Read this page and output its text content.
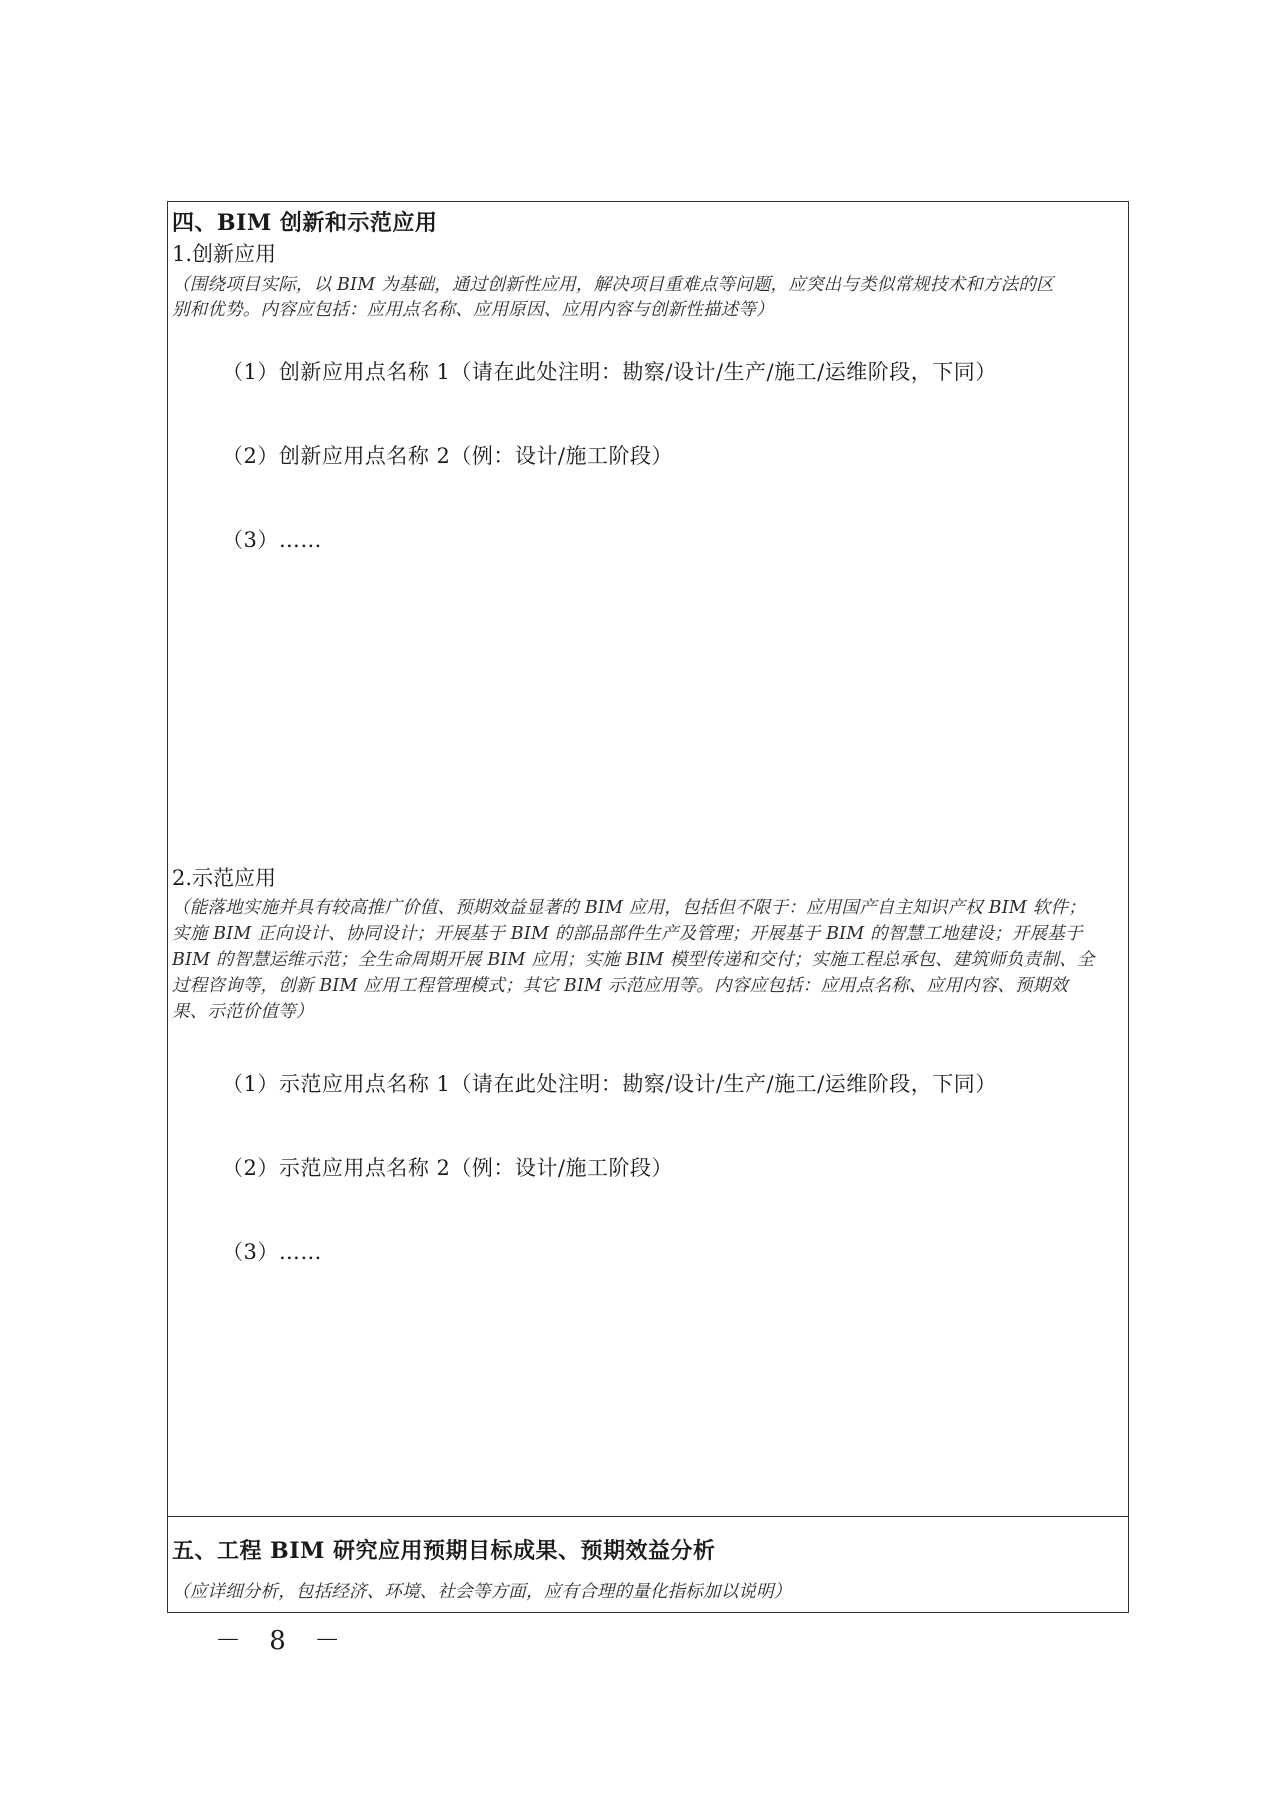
四、BIM 创新和示范应用
1.创新应用
（围绕项目实际，以 BIM 为基础，通过创新性应用，解决项目重难点等问题，应突出与类似常规技术和方法的区
别和优势。内容应包括：应用点名称、应用原因、应用内容与创新性描述等）
（1）创新应用点名称 1（请在此处注明：勘察/设计/生产/施工/运维阶段，下同）
（2）创新应用点名称 2（例：设计/施工阶段）
（3）……
2.示范应用
（能落地实施并具有较高推广价值、预期效益显著的 BIM 应用，包括但不限于：应用国产自主知识产权 BIM 软件；
实施 BIM 正向设计、协同设计；开展基于 BIM 的部品部件生产及管理；开展基于 BIM 的智慧工地建设；开展基于
BIM 的智慧运维示范；全生命周期开展 BIM 应用；实施 BIM 模型传递和交付；实施工程总承包、建筑师负责制、全
过程咨询等，创新 BIM 应用工程管理模式；其它 BIM 示范应用等。内容应包括：应用点名称、应用内容、预期效
果、示范价值等）
（1）示范应用点名称 1（请在此处注明：勘察/设计/生产/施工/运维阶段，下同）
（2）示范应用点名称 2（例：设计/施工阶段）
（3）……
五、工程 BIM 研究应用预期目标成果、预期效益分析
（应详细分析，包括经济、环境、社会等方面，应有合理的量化指标加以说明）
－ 8 －
